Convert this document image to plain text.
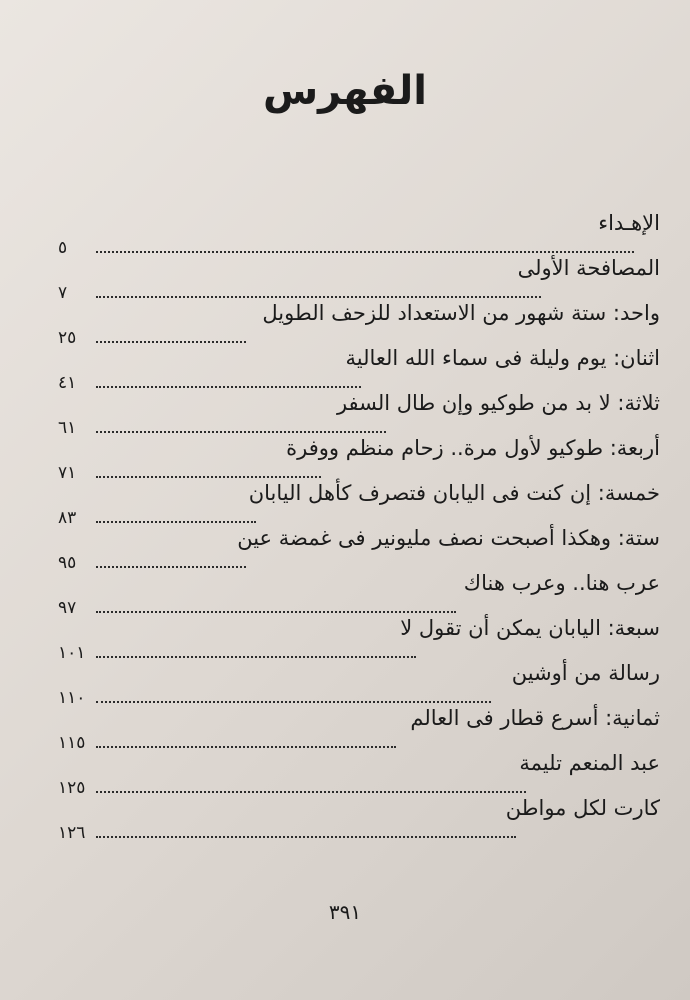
الفهرس
الإهـداء
٥
المصافحة الأولى
٧
واحد: ستة شهور من الاستعداد للزحف الطويل
٢٥
اثنان: يوم وليلة فى سماء الله العالية
٤١
ثلاثة: لا بد من طوكيو وإن طال السفر
٦١
أربعة: طوكيو لأول مرة.. زحام منظم ووفرة
٧١
خمسة: إن كنت فى اليابان فتصرف كأهل اليابان
٨٣
ستة: وهكذا أصبحت نصف مليونير فى غمضة عين
٩٥
عرب هنا.. وعرب هناك
٩٧
سبعة: اليابان يمكن أن تقول لا
١٠١
رسالة من أوشين
١١٠
ثمانية: أسرع قطار فى العالم
١١٥
عبد المنعم تليمة
١٢٥
كارت لكل مواطن
١٢٦
٣٩١
